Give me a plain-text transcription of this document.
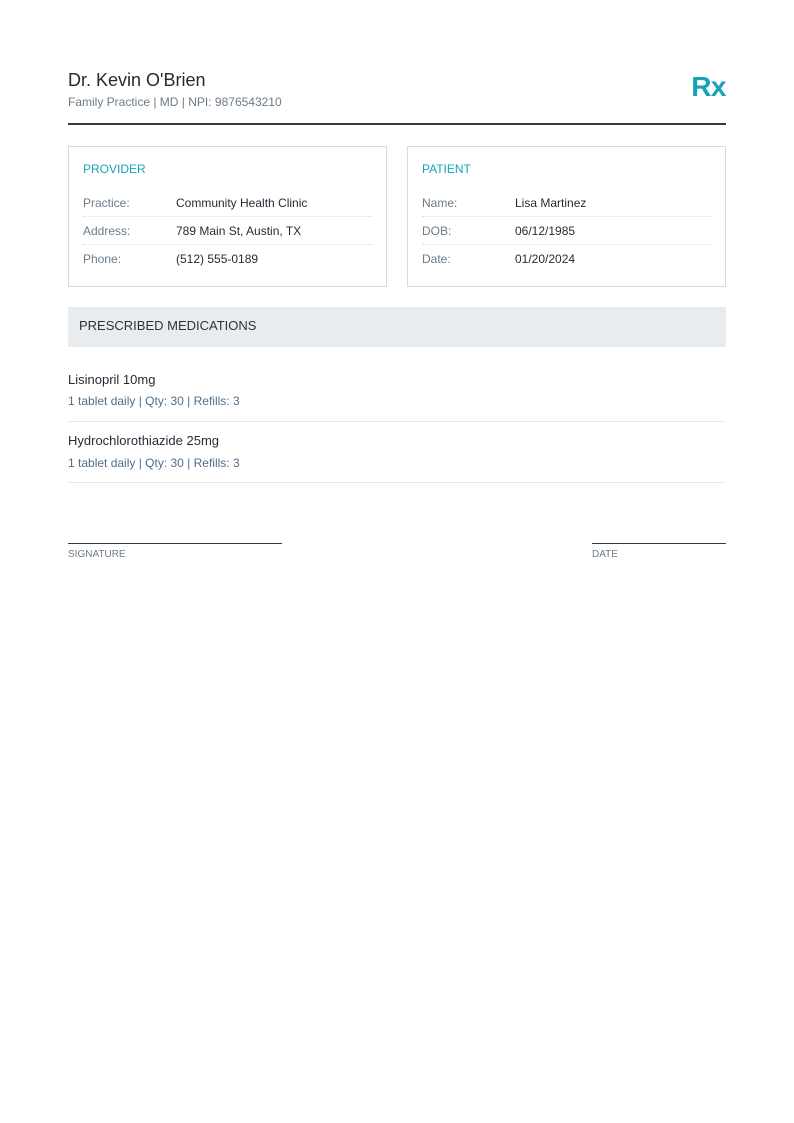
Dr. Kevin O'Brien
Family Practice | MD | NPI: 9876543210	Rx
PROVIDER
Practice:	Community Health Clinic
Address:	789 Main St, Austin, TX
Phone:	(512) 555-0189
PATIENT
Name:	Lisa Martinez
DOB:	06/12/1985
Date:	01/20/2024
PRESCRIBED MEDICATIONS
Lisinopril 10mg
1 tablet daily | Qty: 30 | Refills: 3
Hydrochlorothiazide 25mg
1 tablet daily | Qty: 30 | Refills: 3
SIGNATURE	DATE
